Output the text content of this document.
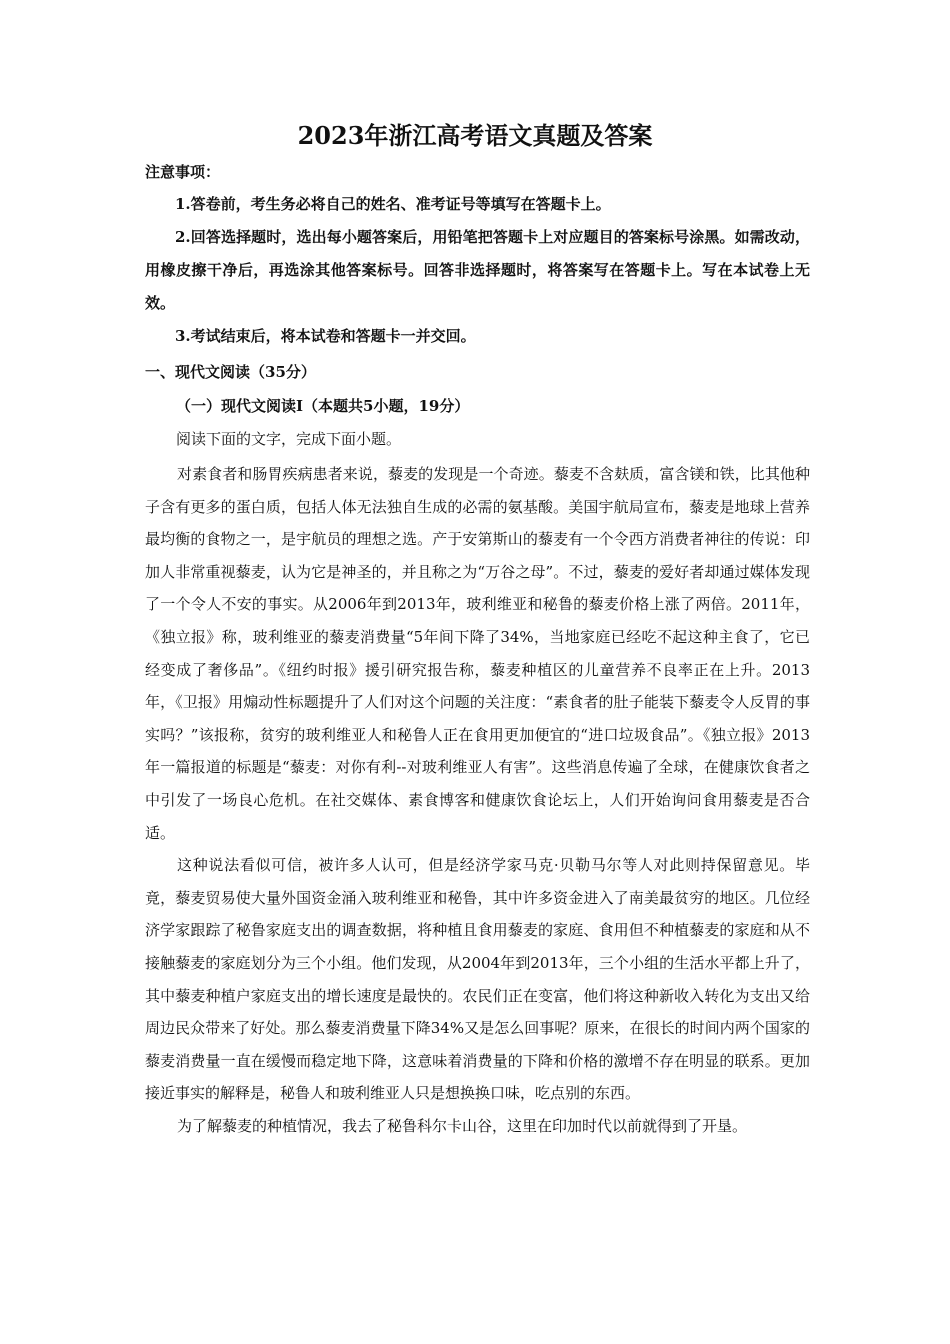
2023年浙江高考语文真题及答案

注意事项：

1.答卷前，考生务必将自己的姓名、准考证号等填写在答题卡上。

2.回答选择题时，选出每小题答案后，用铅笔把答题卡上对应题目的答案标号涂黑。如需改动，用橡皮擦干净后，再选涂其他答案标号。回答非选择题时，将答案写在答题卡上。写在本试卷上无效。

3.考试结束后，将本试卷和答题卡一并交回。

一、现代文阅读（35分）

（一）现代文阅读Ⅰ（本题共5小题，19分）

阅读下面的文字，完成下面小题。

对素食者和肠胃疾病患者来说，藜麦的发现是一个奇迹。藜麦不含麸质，富含镁和铁，比其他种子含有更多的蛋白质，包括人体无法独自生成的必需的氨基酸。美国宇航局宣布，藜麦是地球上营养最均衡的食物之一，是宇航员的理想之选。产于安第斯山的藜麦有一个令西方消费者神往的传说：印加人非常重视藜麦，认为它是神圣的，并且称之为“万谷之母”。不过，藜麦的爱好者却通过媒体发现了一个令人不安的事实。从2006年到2013年，玻利维亚和秘鲁的藜麦价格上涨了两倍。2011年，《独立报》称，玻利维亚的藜麦消费量“5年间下降了34%，当地家庭已经吃不起这种主食了，它已经变成了奢侈品”。《纽约时报》援引研究报告称，藜麦种植区的儿童营养不良率正在上升。2013年，《卫报》用煽动性标题提升了人们对这个问题的关注度：“素食者的肚子能装下藜麦令人反胃的事实吗？”该报称，贫穷的玻利维亚人和秘鲁人正在食用更加便宜的“进口垃圾食品”。《独立报》2013年一篇报道的标题是“藜麦：对你有利--对玻利维亚人有害”。这些消息传遍了全球，在健康饮食者之中引发了一场良心危机。在社交媒体、素食博客和健康饮食论坛上，人们开始询问食用藜麦是否合适。

这种说法看似可信，被许多人认可，但是经济学家马克·贝勒马尔等人对此则持保留意见。毕竟，藜麦贸易使大量外国资金涌入玻利维亚和秘鲁，其中许多资金进入了南美最贫穷的地区。几位经济学家跟踪了秘鲁家庭支出的调查数据，将种植且食用藜麦的家庭、食用但不种植藜麦的家庭和从不接触藜麦的家庭划分为三个小组。他们发现，从2004年到2013年，三个小组的生活水平都上升了，其中藜麦种植户家庭支出的增长速度是最快的。农民们正在变富，他们将这种新收入转化为支出又给周边民众带来了好处。那么藜麦消费量下降34%又是怎么回事呢？原来，在很长的时间内两个国家的藜麦消费量一直在缓慢而稳定地下降，这意味着消费量的下降和价格的激增不存在明显的联系。更加接近事实的解释是，秘鲁人和玻利维亚人只是想换换口味，吃点别的东西。

为了解藜麦的种植情况，我去了秘鲁科尔卡山谷，这里在印加时代以前就得到了开垦。
